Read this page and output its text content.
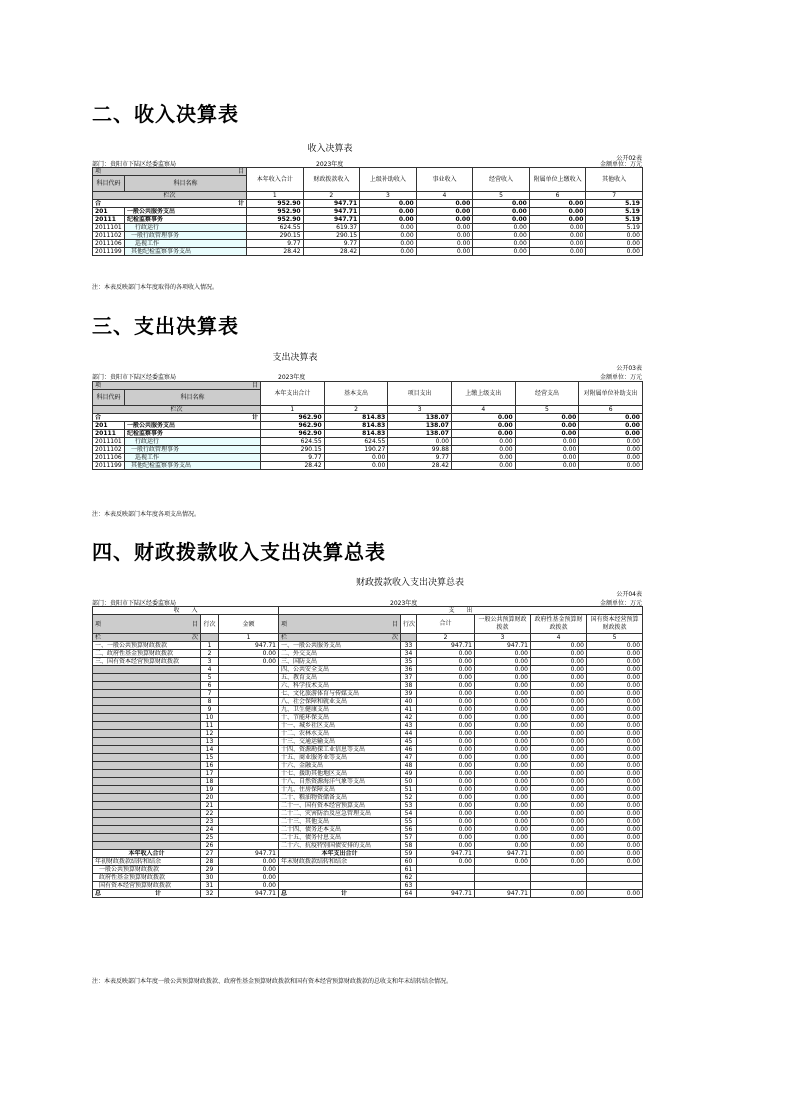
二、收入决算表
收入决算表
公开02表
部门：贵阳市下陆区经委监察局	2023年度	金额单位：万元
项 目		本年收入合计	财政拨款收入	上级补助收入	事业收入	经营收入	附属单位上缴收入	其他收入
科目代码	科目名称							
栏次		1	2	3	4	5	6	7
合 计		952.90	947.71	0.00	0.00	0.00	0.00	5.19
201	一般公共服务支出	952.90	947.71	0.00	0.00	0.00	0.00	5.19
20111	纪检监察事务	952.90	947.71	0.00	0.00	0.00	0.00	5.19
2011101	行政运行	624.55	619.37	0.00	0.00	0.00	0.00	5.19
2011102	一般行政管理事务	290.15	290.15	0.00	0.00	0.00	0.00	0.00
2011106	巡视工作	9.77	9.77	0.00	0.00	0.00	0.00	0.00
2011199	其他纪检监察事务支出	28.42	28.42	0.00	0.00	0.00	0.00	0.00
注：本表反映部门本年度取得的各项收入情况。
三、支出决算表
支出决算表
公开03表
部门：贵阳市下陆区经委监察局	2023年度	金额单位：万元
项 目		本年支出合计	基本支出	项目支出	上缴上级支出	经营支出	对附属单位补助支出
科目代码	科目名称						
栏次		1	2	3	4	5	6
合 计		962.90	814.83	138.07	0.00	0.00	0.00
201	一般公共服务支出	962.90	814.83	138.07	0.00	0.00	0.00
20111	纪检监察事务	962.90	814.83	138.07	0.00	0.00	0.00
2011101	行政运行	624.55	624.55	0.00	0.00	0.00	0.00
2011102	一般行政管理事务	290.15	190.27	99.88	0.00	0.00	0.00
2011106	巡视工作	9.77	0.00	9.77	0.00	0.00	0.00
2011199	其他纪检监察事务支出	28.42	0.00	28.42	0.00	0.00	0.00
注：本表反映部门本年度各项支出情况。
四、财政拨款收入支出决算总表
财政拨款收入支出决算总表
公开04表
部门：贵阳市下陆区经委监察局	2023年度	金额单位：万元
收　　入			支　　出					
项 目	行次	金额	项 目	行次	合计	一般公共预算财政拨款	政府性基金预算财政拨款	国有资本经营预算财政拨款
栏 次		1	栏 次		2	3	4	5
一、一般公共预算财政拨款	1	947.71	一、一般公共服务支出	33	947.71	947.71	0.00	0.00
二、政府性基金预算财政拨款	2	0.00	二、外交支出	34	0.00	0.00	0.00	0.00
三、国有资本经营预算财政拨款	3	0.00	三、国防支出	35	0.00	0.00	0.00	0.00
	4		四、公共安全支出	36	0.00	0.00	0.00	0.00
	5		五、教育支出	37	0.00	0.00	0.00	0.00
	6		六、科学技术支出	38	0.00	0.00	0.00	0.00
	7		七、文化旅游体育与传媒支出	39	0.00	0.00	0.00	0.00
	8		八、社会保障和就业支出	40	0.00	0.00	0.00	0.00
	9		九、卫生健康支出	41	0.00	0.00	0.00	0.00
	10		十、节能环保支出	42	0.00	0.00	0.00	0.00
	11		十一、城乡社区支出	43	0.00	0.00	0.00	0.00
	12		十二、农林水支出	44	0.00	0.00	0.00	0.00
	13		十三、交通运输支出	45	0.00	0.00	0.00	0.00
	14		十四、资源勘探工业信息等支出	46	0.00	0.00	0.00	0.00
	15		十五、商业服务业等支出	47	0.00	0.00	0.00	0.00
	16		十六、金融支出	48	0.00	0.00	0.00	0.00
	17		十七、援助其他地区支出	49	0.00	0.00	0.00	0.00
	18		十八、自然资源海洋气象等支出	50	0.00	0.00	0.00	0.00
	19		十九、住房保障支出	51	0.00	0.00	0.00	0.00
	20		二十、粮油物资储备支出	52	0.00	0.00	0.00	0.00
	21		二十一、国有资本经营预算支出	53	0.00	0.00	0.00	0.00
	22		二十二、灾害防治及应急管理支出	54	0.00	0.00	0.00	0.00
	23		二十三、其他支出	55	0.00	0.00	0.00	0.00
	24		二十四、债务还本支出	56	0.00	0.00	0.00	0.00
	25		二十五、债务付息支出	57	0.00	0.00	0.00	0.00
	26		二十六、抗疫特别国债安排的支出	58	0.00	0.00	0.00	0.00
本年收入合计	27	947.71	本年支出合计	59	947.71	947.71	0.00	0.00
年初财政拨款结转和结余	28	0.00	年末财政拨款结转和结余	60	0.00	0.00	0.00	0.00
一般公共预算财政拨款	29	0.00		61				
政府性基金预算财政拨款	30	0.00		62				
国有资本经营预算财政拨款	31	0.00		63				
总　　　　　　　　　计	32	947.71	总　　　　　　　　　计	64	947.71	947.71	0.00	0.00
注：本表反映部门本年度一般公共预算财政拨款、政府性基金预算财政拨款和国有资本经营预算财政拨款的总收支和年末结转结余情况。
